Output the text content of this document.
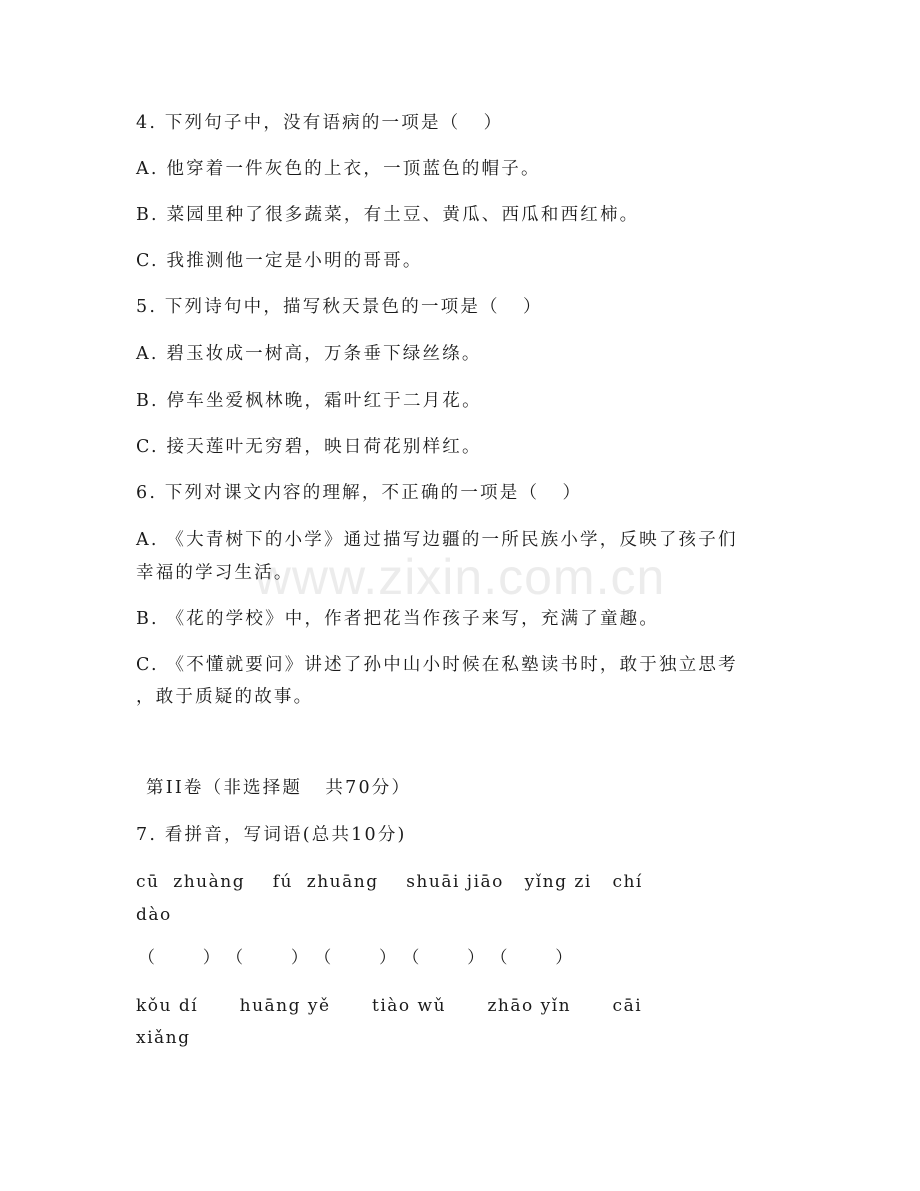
www.zixin.com.cn
4. 下列句子中，没有语病的一项是（   ）
A. 他穿着一件灰色的上衣，一顶蓝色的帽子。
B. 菜园里种了很多蔬菜，有土豆、黄瓜、西瓜和西红柿。
C. 我推测他一定是小明的哥哥。
5. 下列诗句中，描写秋天景色的一项是（   ）
A. 碧玉妆成一树高，万条垂下绿丝绦。
B. 停车坐爱枫林晚，霜叶红于二月花。
C. 接天莲叶无穷碧，映日荷花别样红。
6. 下列对课文内容的理解，不正确的一项是（   ）
A. 《大青树下的小学》通过描写边疆的一所民族小学，反映了孩子们
幸福的学习生活。
B. 《花的学校》中，作者把花当作孩子来写，充满了童趣。
C. 《不懂就要问》讲述了孙中山小时候在私塾读书时，敢于独立思考
，敢于质疑的故事。
第II卷（非选择题   共70分）
7. 看拼音，写词语(总共10分)
cū  zhuàng    fú  zhuāng    shuāi jiāo   yǐng zi   chí
dào
（        ） （        ） （        ） （        ） （        ）
kǒu dí      huāng yě      tiào wǔ      zhāo yǐn      cāi
xiǎng
